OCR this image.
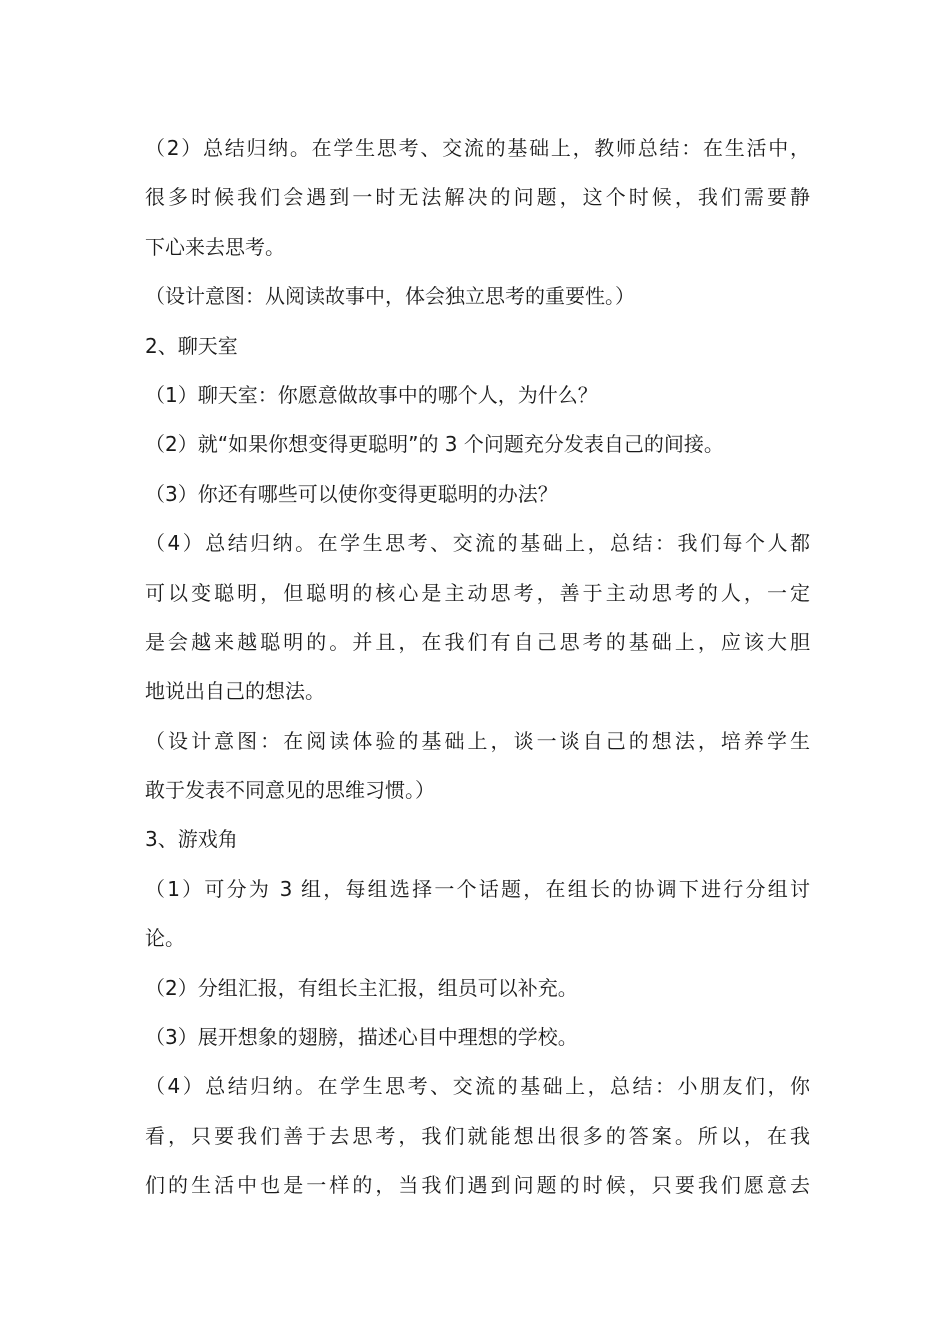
（2）总结归纳。在学生思考、交流的基础上，教师总结：在生活中，
很多时候我们会遇到一时无法解决的问题，这个时候，我们需要静
下心来去思考。
（设计意图：从阅读故事中，体会独立思考的重要性。）
2、聊天室
（1）聊天室：你愿意做故事中的哪个人，为什么？
（2）就“如果你想变得更聪明”的 3 个问题充分发表自己的间接。
（3）你还有哪些可以使你变得更聪明的办法？
（4）总结归纳。在学生思考、交流的基础上，总结：我们每个人都
可以变聪明，但聪明的核心是主动思考，善于主动思考的人，一定
是会越来越聪明的。并且，在我们有自己思考的基础上，应该大胆
地说出自己的想法。
（设计意图：在阅读体验的基础上，谈一谈自己的想法，培养学生
敢于发表不同意见的思维习惯。）
3、游戏角
（1）可分为 3 组，每组选择一个话题，在组长的协调下进行分组讨
论。
（2）分组汇报，有组长主汇报，组员可以补充。
（3）展开想象的翅膀，描述心目中理想的学校。
（4）总结归纳。在学生思考、交流的基础上，总结：小朋友们，你
看，只要我们善于去思考，我们就能想出很多的答案。所以，在我
们的生活中也是一样的，当我们遇到问题的时候，只要我们愿意去
